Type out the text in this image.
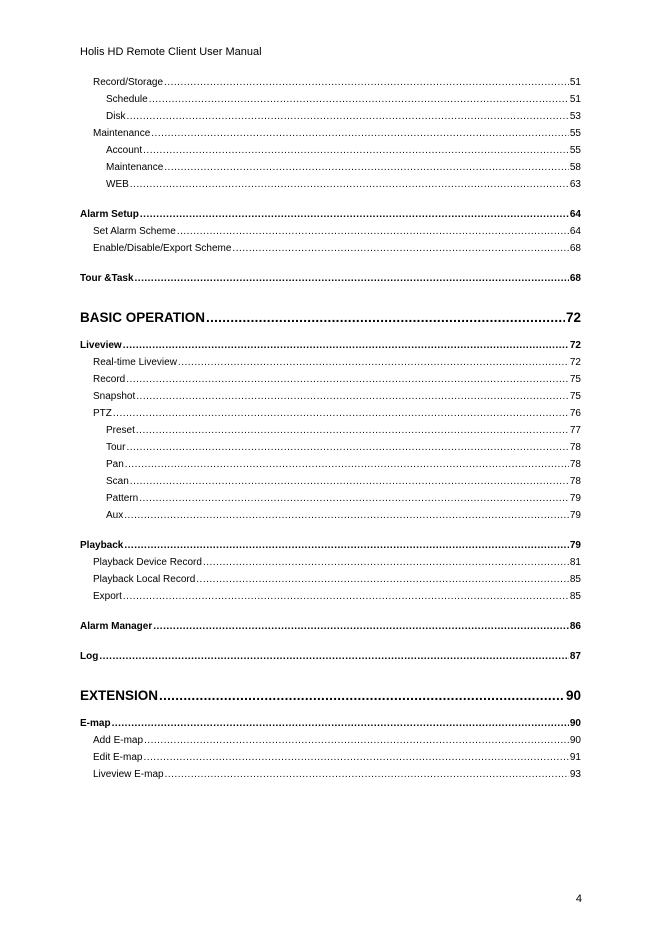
Holis HD Remote Client User Manual
Record/Storage .....	51
Schedule .....	51
Disk .....	53
Maintenance .....	55
Account .....	55
Maintenance .....	58
WEB .....	63
Alarm Setup .....	64
Set Alarm Scheme .....	64
Enable/Disable/Export Scheme .....	68
Tour &Task .....	68
BASIC OPERATION .....	72
Liveview .....	72
Real-time Liveview .....	72
Record .....	75
Snapshot .....	75
PTZ .....	76
Preset .....	77
Tour .....	78
Pan .....	78
Scan .....	78
Pattern .....	79
Aux .....	79
Playback .....	79
Playback Device Record .....	81
Playback Local Record .....	85
Export .....	85
Alarm Manager .....	86
Log .....	87
EXTENSION .....	90
E-map .....	90
Add E-map .....	90
Edit E-map .....	91
Liveview E-map .....	93
4
